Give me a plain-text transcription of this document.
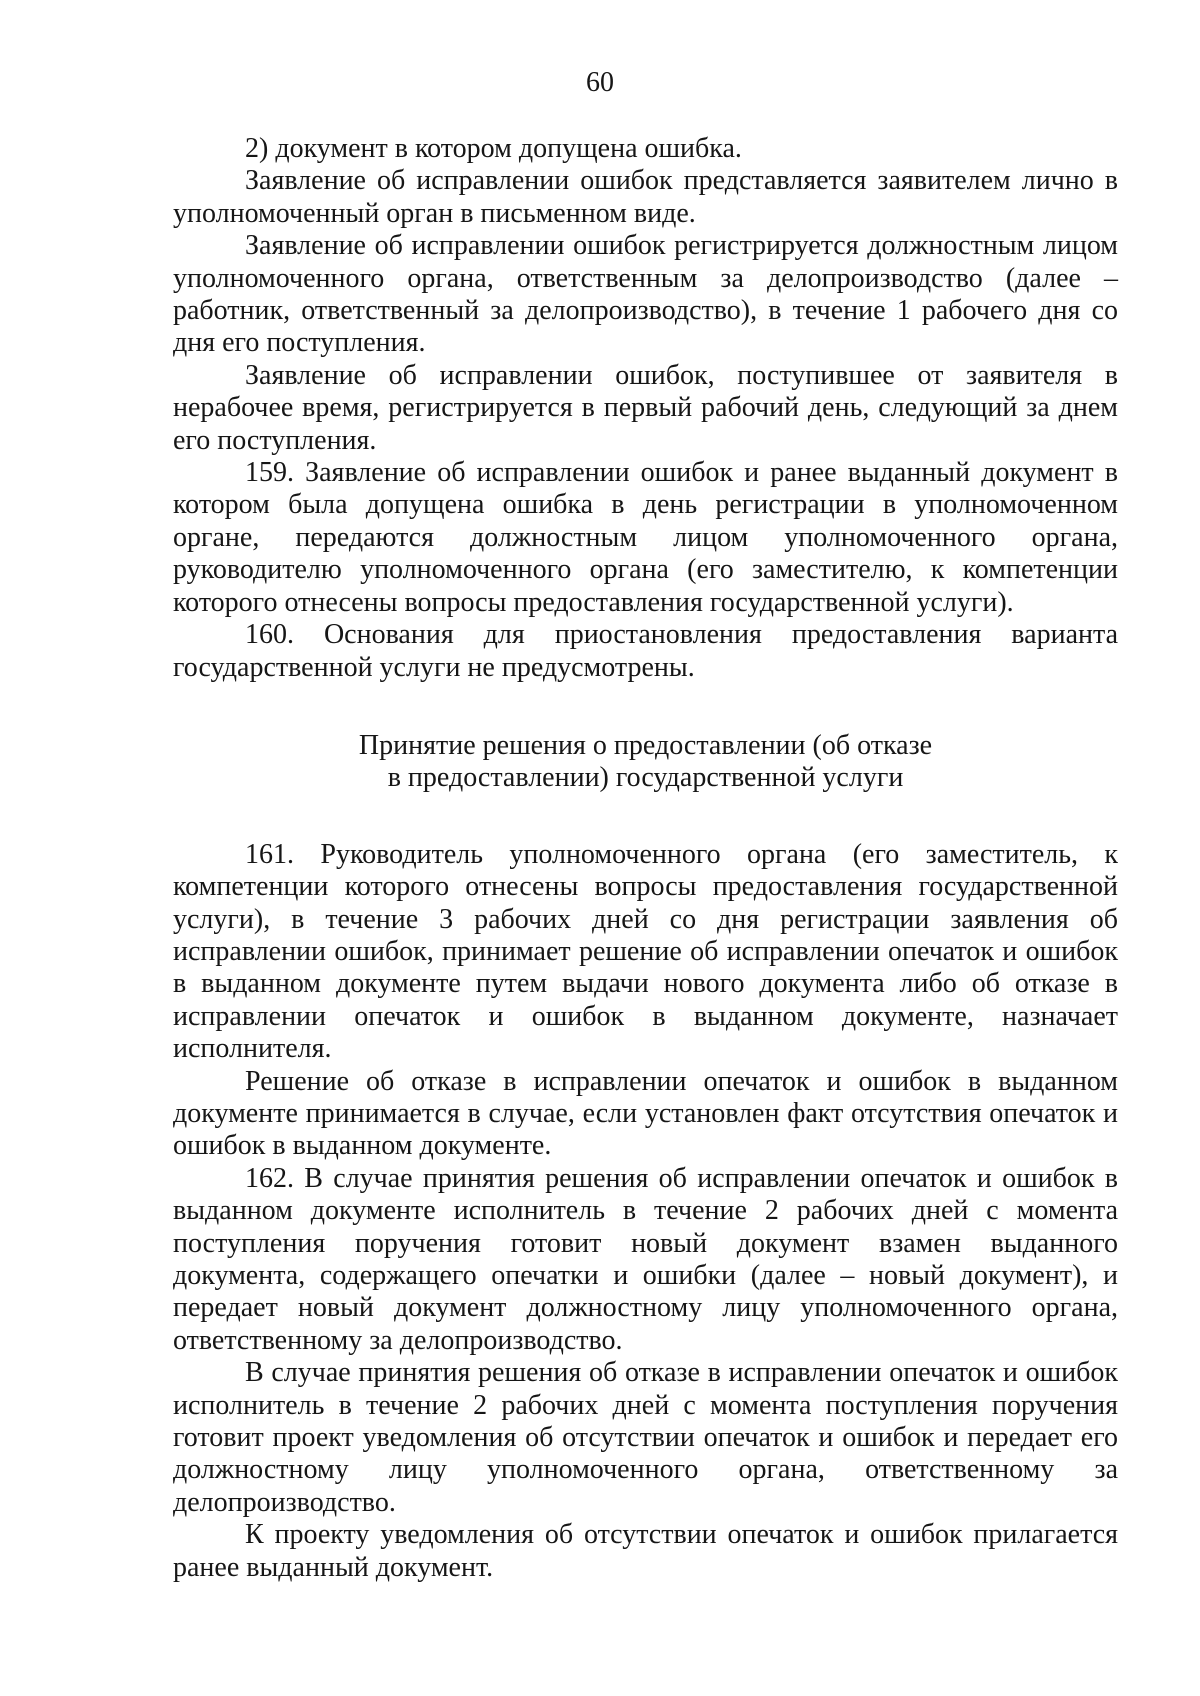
60

2) документ в котором допущена ошибка.

Заявление об исправлении ошибок представляется заявителем лично в уполномоченный орган в письменном виде.

Заявление об исправлении ошибок регистрируется должностным лицом уполномоченного органа, ответственным за делопроизводство (далее – работник, ответственный за делопроизводство), в течение 1 рабочего дня со дня его поступления.

Заявление об исправлении ошибок, поступившее от заявителя в нерабочее время, регистрируется в первый рабочий день, следующий за днем его поступления.

159. Заявление об исправлении ошибок и ранее выданный документ в котором была допущена ошибка в день регистрации в уполномоченном органе, передаются должностным лицом уполномоченного органа, руководителю уполномоченного органа (его заместителю, к компетенции которого отнесены вопросы предоставления государственной услуги).

160. Основания для приостановления предоставления варианта государственной услуги не предусмотрены.

Принятие решения о предоставлении (об отказе
в предоставлении) государственной услуги

161. Руководитель уполномоченного органа (его заместитель, к компетенции которого отнесены вопросы предоставления государственной услуги), в течение 3 рабочих дней со дня регистрации заявления об исправлении ошибок, принимает решение об исправлении опечаток и ошибок в выданном документе путем выдачи нового документа либо об отказе в исправлении опечаток и ошибок в выданном документе, назначает исполнителя.

Решение об отказе в исправлении опечаток и ошибок в выданном документе принимается в случае, если установлен факт отсутствия опечаток и ошибок в выданном документе.

162. В случае принятия решения об исправлении опечаток и ошибок в выданном документе исполнитель в течение 2 рабочих дней с момента поступления поручения готовит новый документ взамен выданного документа, содержащего опечатки и ошибки (далее – новый документ), и передает новый документ должностному лицу уполномоченного органа, ответственному за делопроизводство.

В случае принятия решения об отказе в исправлении опечаток и ошибок исполнитель в течение 2 рабочих дней с момента поступления поручения готовит проект уведомления об отсутствии опечаток и ошибок и передает его должностному лицу уполномоченного органа, ответственному за делопроизводство.

К проекту уведомления об отсутствии опечаток и ошибок прилагается ранее выданный документ.
